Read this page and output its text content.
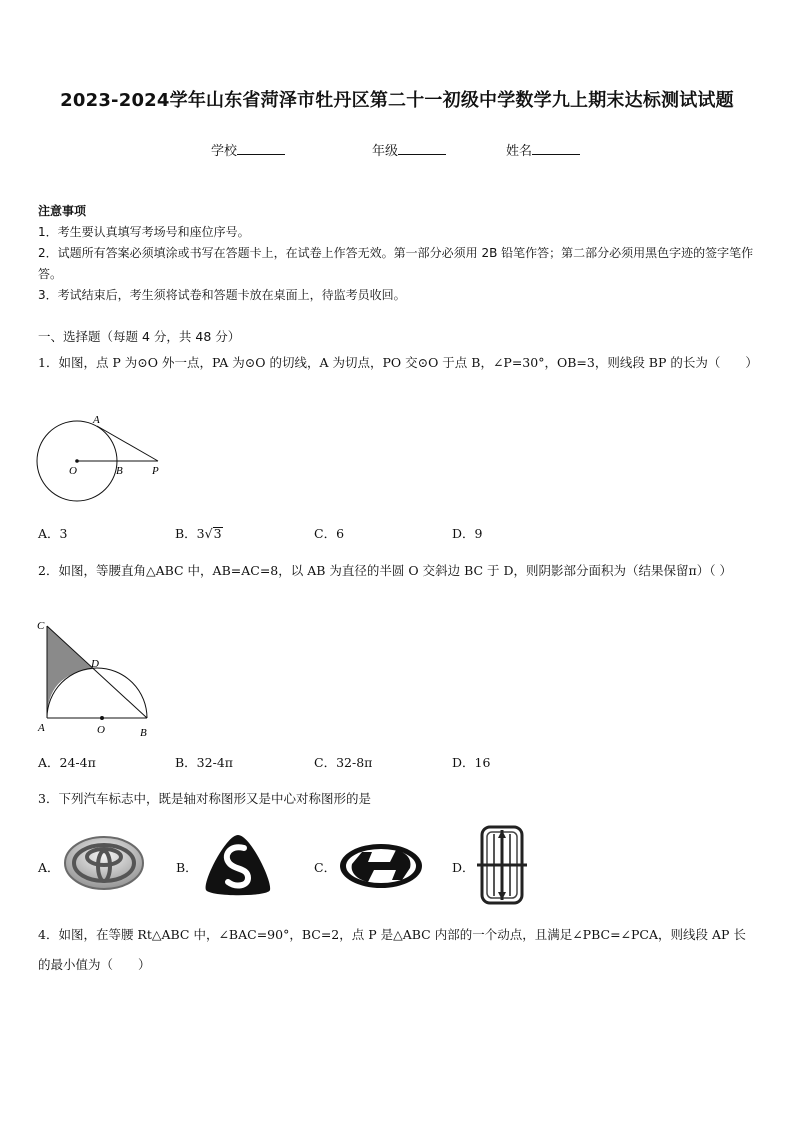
2023-2024学年山东省菏泽市牡丹区第二十一初级中学数学九上期末达标测试试题
学校	年级	姓名
注意事项
1．考生要认真填写考场号和座位序号。
2．试题所有答案必须填涂或书写在答题卡上，在试卷上作答无效。第一部分必须用 2B 铅笔作答；第二部分必须用黑色字迹的签字笔作答。
3．考试结束后，考生须将试卷和答题卡放在桌面上，待监考员收回。
一、选择题（每题 4 分，共 48 分）
1．如图，点 P 为⊙O 外一点，PA 为⊙O 的切线，A 为切点，PO 交⊙O 于点 B，∠P=30°，OB=3，则线段 BP 的长为（　　）
A
O	B	P
A．3	B．3√3	C．6	D．9
2．如图，等腰直角△ABC 中，AB=AC=8，以 AB 为直径的半圆 O 交斜边 BC 于 D，则阴影部分面积为（结果保留π）（ ）
C
D
A	O	B
A．24-4π	B．32-4π	C．32-8π	D．16
3．下列汽车标志中，既是轴对称图形又是中心对称图形的是
A．	B．	C．	D．
4．如图，在等腰 Rt△ABC 中，∠BAC=90°，BC=2，点 P 是△ABC 内部的一个动点，且满足∠PBC=∠PCA，则线段 AP 长的最小值为（　　）
